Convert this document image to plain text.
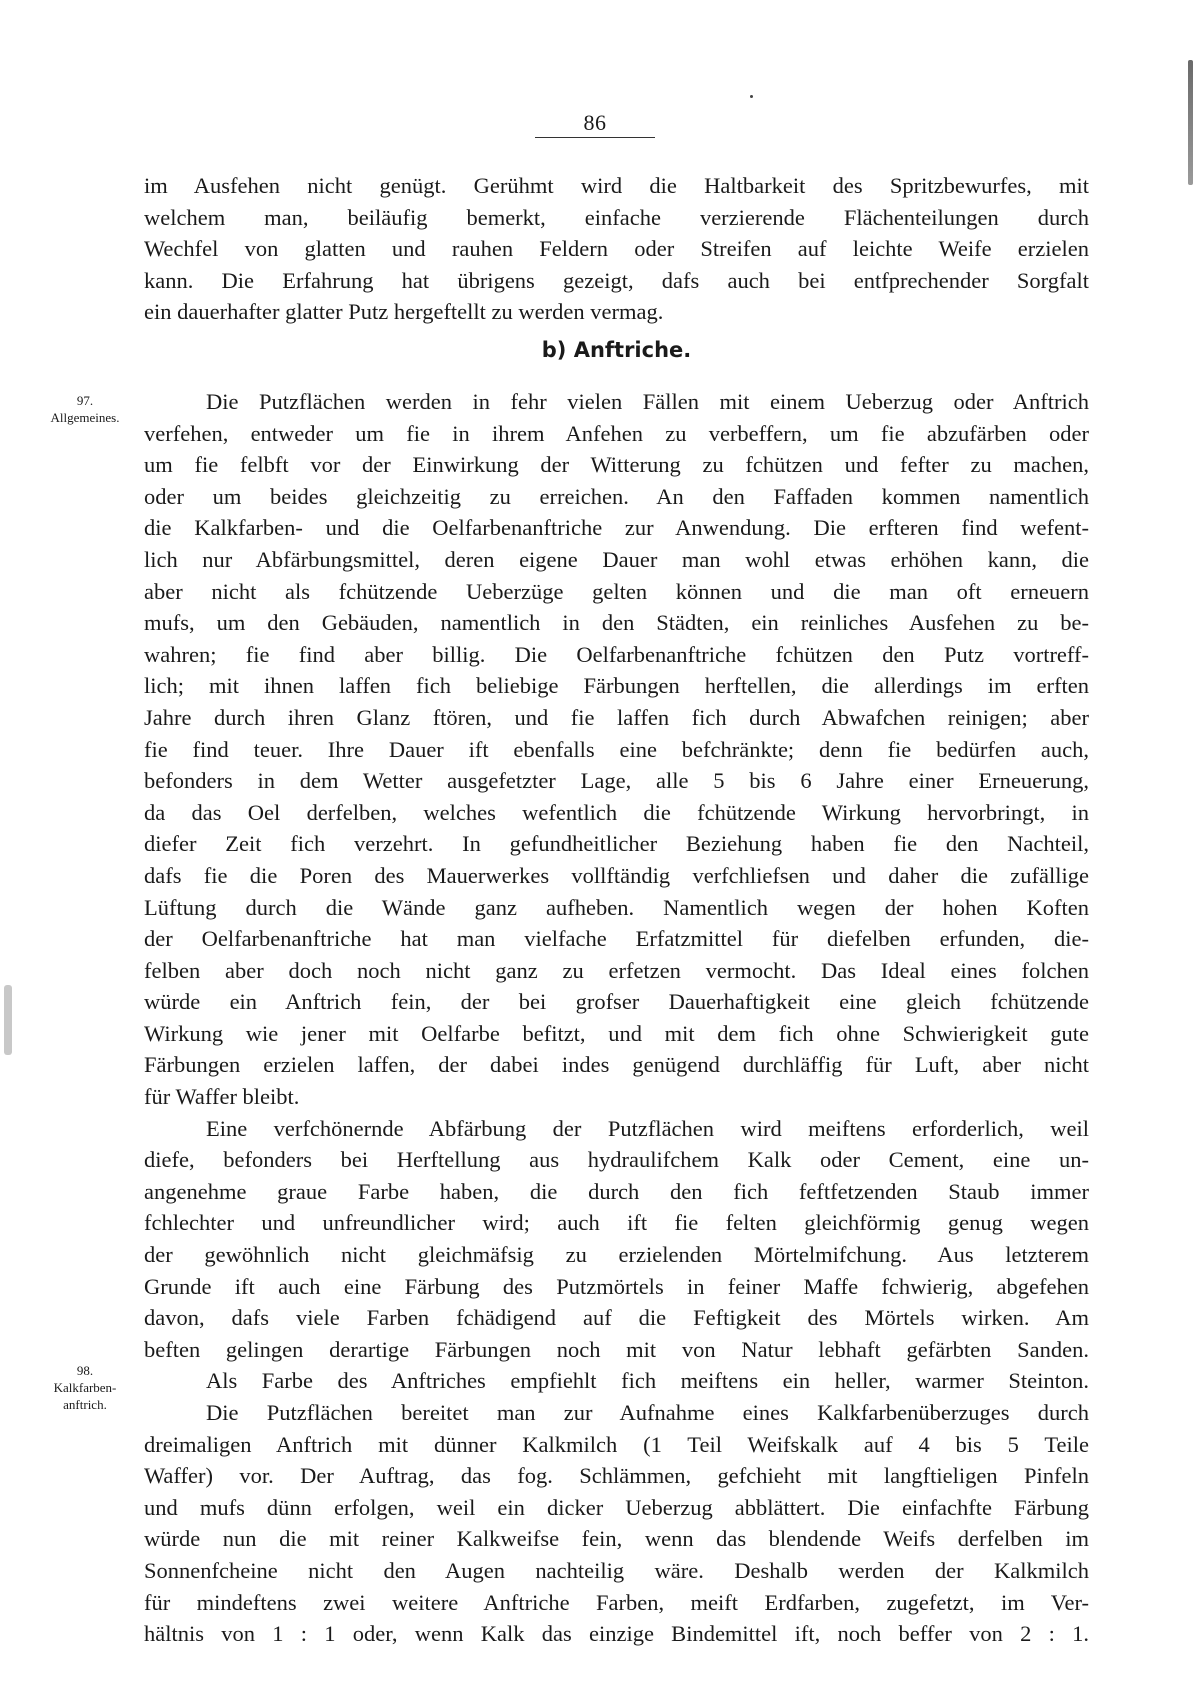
86
im Ausfehen nicht genügt. Gerühmt wird die Haltbarkeit des Spritzbewurfes, mit
welchem man, beiläufig bemerkt, einfache verzierende Flächenteilungen durch
Wechfel von glatten und rauhen Feldern oder Streifen auf leichte Weife erzielen
kann. Die Erfahrung hat übrigens gezeigt, dafs auch bei entfprechender Sorgfalt
ein dauerhafter glatter Putz hergeftellt zu werden vermag.
b) Anftriche.
97.
Allgemeines.
98.
Kalkfarben-
anftrich.
Die Putzflächen werden in fehr vielen Fällen mit einem Ueberzug oder Anftrich
verfehen, entweder um fie in ihrem Anfehen zu verbeffern, um fie abzufärben oder
um fie felbft vor der Einwirkung der Witterung zu fchützen und fefter zu machen,
oder um beides gleichzeitig zu erreichen. An den Faffaden kommen namentlich
die Kalkfarben- und die Oelfarbenanftriche zur Anwendung. Die erfteren find wefent-
lich nur Abfärbungsmittel, deren eigene Dauer man wohl etwas erhöhen kann, die
aber nicht als fchützende Ueberzüge gelten können und die man oft erneuern
mufs, um den Gebäuden, namentlich in den Städten, ein reinliches Ausfehen zu be-
wahren; fie find aber billig. Die Oelfarbenanftriche fchützen den Putz vortreff-
lich; mit ihnen laffen fich beliebige Färbungen herftellen, die allerdings im erften
Jahre durch ihren Glanz ftören, und fie laffen fich durch Abwafchen reinigen; aber
fie find teuer. Ihre Dauer ift ebenfalls eine befchränkte; denn fie bedürfen auch,
befonders in dem Wetter ausgefetzter Lage, alle 5 bis 6 Jahre einer Erneuerung,
da das Oel derfelben, welches wefentlich die fchützende Wirkung hervorbringt, in
diefer Zeit fich verzehrt. In gefundheitlicher Beziehung haben fie den Nachteil,
dafs fie die Poren des Mauerwerkes vollftändig verfchliefsen und daher die zufällige
Lüftung durch die Wände ganz aufheben. Namentlich wegen der hohen Koften
der Oelfarbenanftriche hat man vielfache Erfatzmittel für diefelben erfunden, die-
felben aber doch noch nicht ganz zu erfetzen vermocht. Das Ideal eines folchen
würde ein Anftrich fein, der bei grofser Dauerhaftigkeit eine gleich fchützende
Wirkung wie jener mit Oelfarbe befitzt, und mit dem fich ohne Schwierigkeit gute
Färbungen erzielen laffen, der dabei indes genügend durchläffig für Luft, aber nicht
für Waffer bleibt.
Eine verfchönernde Abfärbung der Putzflächen wird meiftens erforderlich, weil
diefe, befonders bei Herftellung aus hydraulifchem Kalk oder Cement, eine un-
angenehme graue Farbe haben, die durch den fich feftfetzenden Staub immer
fchlechter und unfreundlicher wird; auch ift fie felten gleichförmig genug wegen
der gewöhnlich nicht gleichmäfsig zu erzielenden Mörtelmifchung. Aus letzterem
Grunde ift auch eine Färbung des Putzmörtels in feiner Maffe fchwierig, abgefehen
davon, dafs viele Farben fchädigend auf die Feftigkeit des Mörtels wirken. Am
beften gelingen derartige Färbungen noch mit von Natur lebhaft gefärbten Sanden.
Als Farbe des Anftriches empfiehlt fich meiftens ein heller, warmer Steinton.
Die Putzflächen bereitet man zur Aufnahme eines Kalkfarbenüberzuges durch
dreimaligen Anftrich mit dünner Kalkmilch (1 Teil Weifskalk auf 4 bis 5 Teile
Waffer) vor. Der Auftrag, das fog. Schlämmen, gefchieht mit langftieligen Pinfeln
und mufs dünn erfolgen, weil ein dicker Ueberzug abblättert. Die einfachfte Färbung
würde nun die mit reiner Kalkweifse fein, wenn das blendende Weifs derfelben im
Sonnenfcheine nicht den Augen nachteilig wäre. Deshalb werden der Kalkmilch
für mindeftens zwei weitere Anftriche Farben, meift Erdfarben, zugefetzt, im Ver-
hältnis von 1 : 1 oder, wenn Kalk das einzige Bindemittel ift, noch beffer von 2 : 1.
